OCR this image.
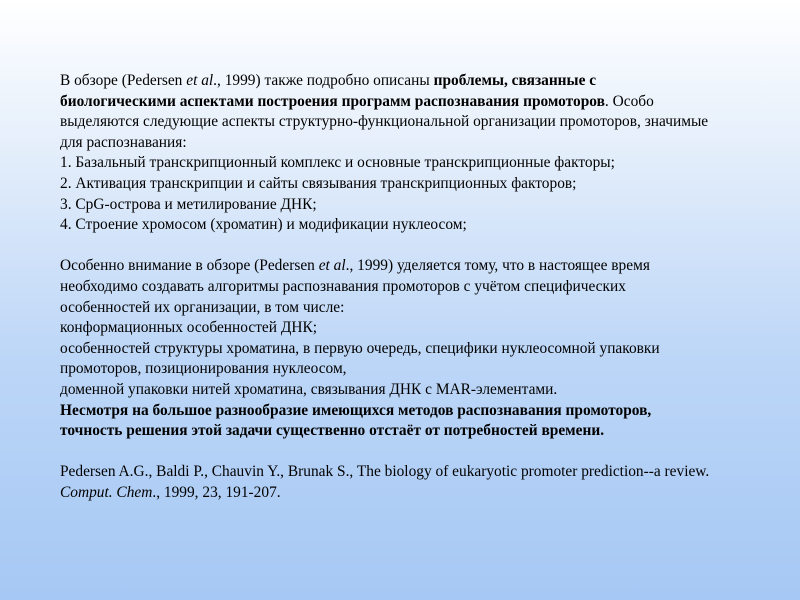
В обзоре (Pedersen et al., 1999) также подробно описаны проблемы, связанные с
биологическими аспектами построения программ распознавания промоторов. Особо
выделяются следующие аспекты структурно-функциональной организации промоторов, значимые
для распознавания:
1. Базальный транскрипционный комплекс и основные транскрипционные факторы;
2. Активация транскрипции и сайты связывания транскрипционных факторов;
3. CpG-острова и метилирование ДНК;
4. Строение хромосом (хроматин) и модификации нуклеосом;
Особенно внимание в обзоре (Pedersen et al., 1999) уделяется тому, что в настоящее время
необходимо создавать алгоритмы распознавания промоторов с учётом специфических
особенностей их организации, в том числе:
конформационных особенностей ДНК;
особенностей структуры хроматина, в первую очередь, специфики нуклеосомной упаковки
промоторов, позиционирования нуклеосом,
доменной упаковки нитей хроматина, связывания ДНК с MAR-элементами.
Несмотря на большое разнообразие имеющихся методов распознавания промоторов,
точность решения этой задачи существенно отстаёт от потребностей времени.
Pedersen A.G., Baldi P., Chauvin Y., Brunak S., The biology of eukaryotic promoter prediction--a review.
Comput. Chem., 1999, 23, 191-207.
